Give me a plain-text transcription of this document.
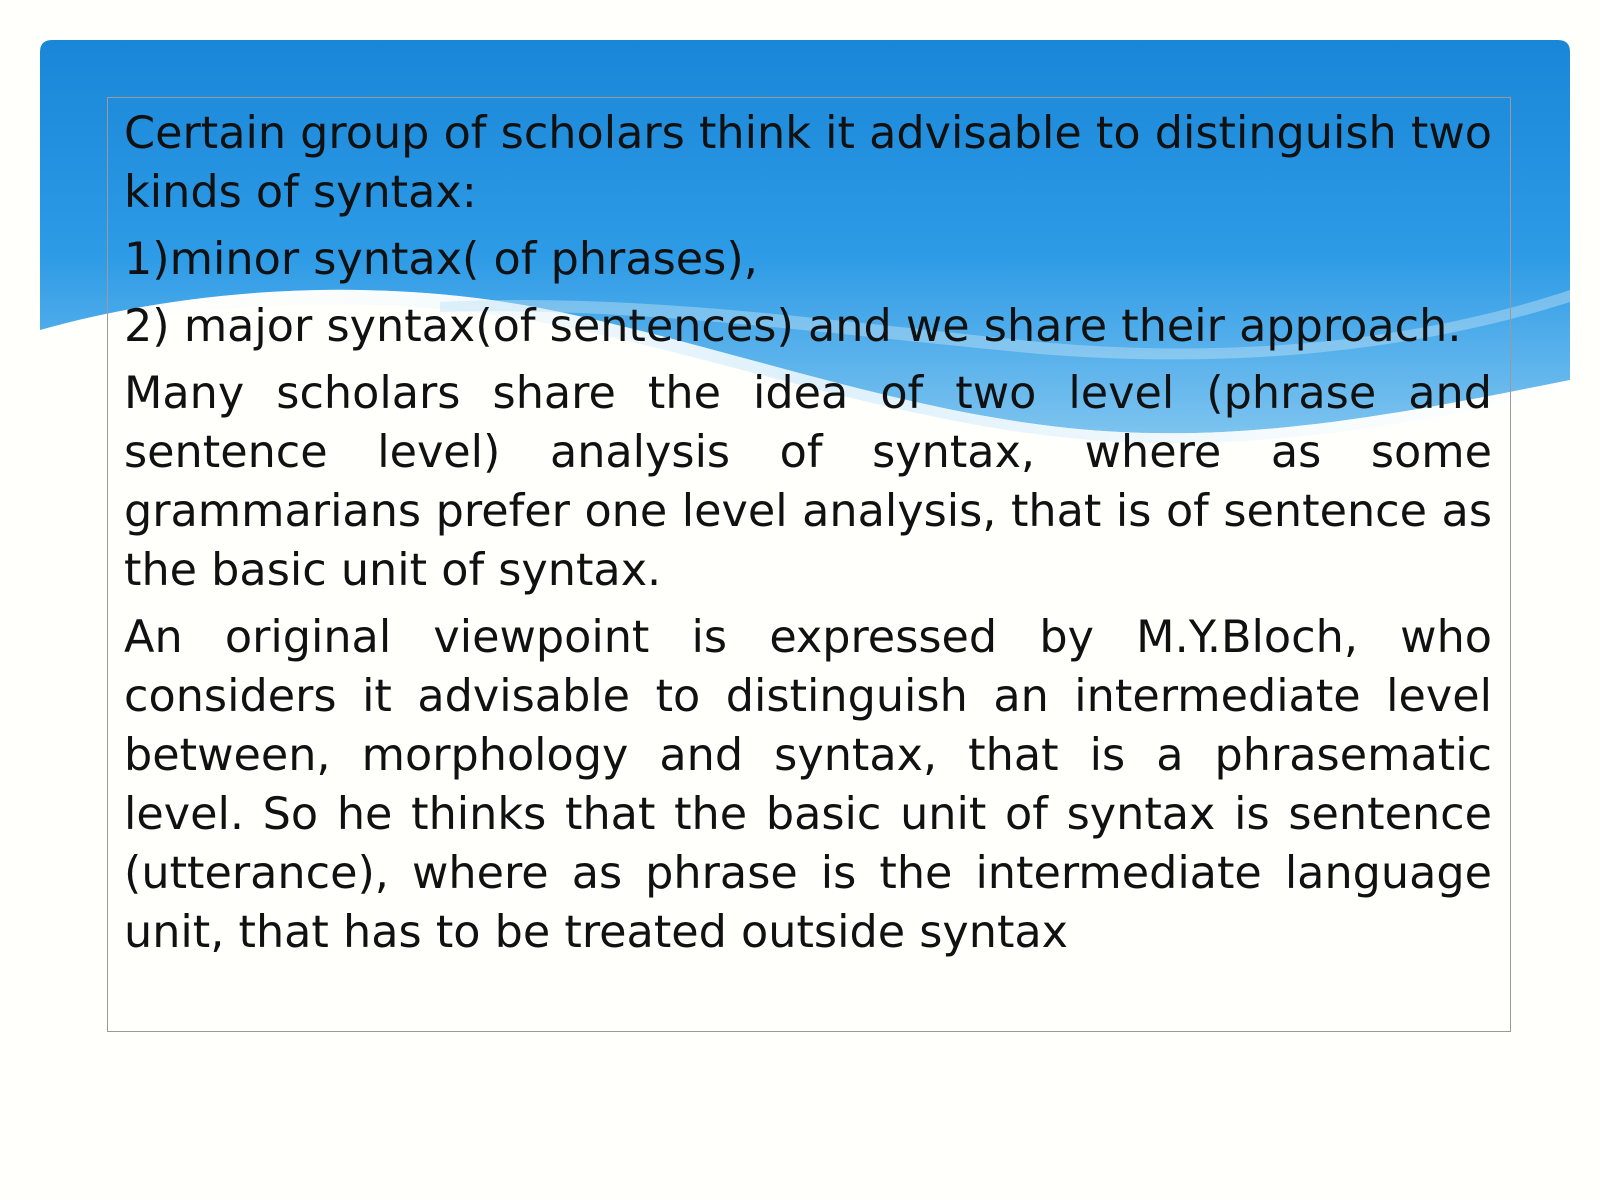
Certain group of scholars think it advisable to distinguish two kinds of syntax:

1)minor syntax( of phrases),

2) major syntax(of sentences) and we share their approach.

Many scholars share the idea of two level (phrase and sentence level) analysis of syntax, where as some grammarians prefer one level analysis, that is of sentence as the basic unit of syntax.

An original viewpoint is expressed by M.Y.Bloch, who considers it advisable to distinguish an intermediate level between, morphology and syntax, that is a phrasematic level. So he thinks that the basic unit of syntax is sentence (utterance), where as phrase is the intermediate language unit, that has to be treated outside syntax
